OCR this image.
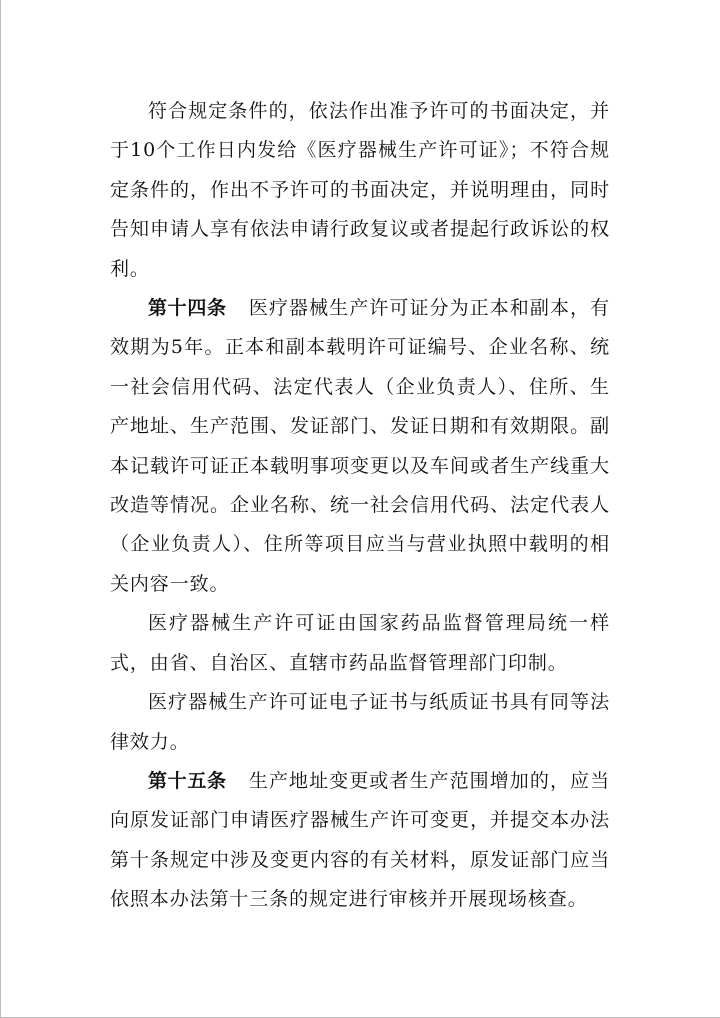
符合规定条件的，依法作出准予许可的书面决定，并于10个工作日内发给《医疗器械生产许可证》；不符合规定条件的，作出不予许可的书面决定，并说明理由，同时告知申请人享有依法申请行政复议或者提起行政诉讼的权利。

第十四条 医疗器械生产许可证分为正本和副本，有效期为5年。正本和副本载明许可证编号、企业名称、统一社会信用代码、法定代表人（企业负责人）、住所、生产地址、生产范围、发证部门、发证日期和有效期限。副本记载许可证正本载明事项变更以及车间或者生产线重大改造等情况。企业名称、统一社会信用代码、法定代表人（企业负责人）、住所等项目应当与营业执照中载明的相关内容一致。

医疗器械生产许可证由国家药品监督管理局统一样式，由省、自治区、直辖市药品监督管理部门印制。

医疗器械生产许可证电子证书与纸质证书具有同等法律效力。

第十五条 生产地址变更或者生产范围增加的，应当向原发证部门申请医疗器械生产许可变更，并提交本办法第十条规定中涉及变更内容的有关材料，原发证部门应当依照本办法第十三条的规定进行审核并开展现场核查。
